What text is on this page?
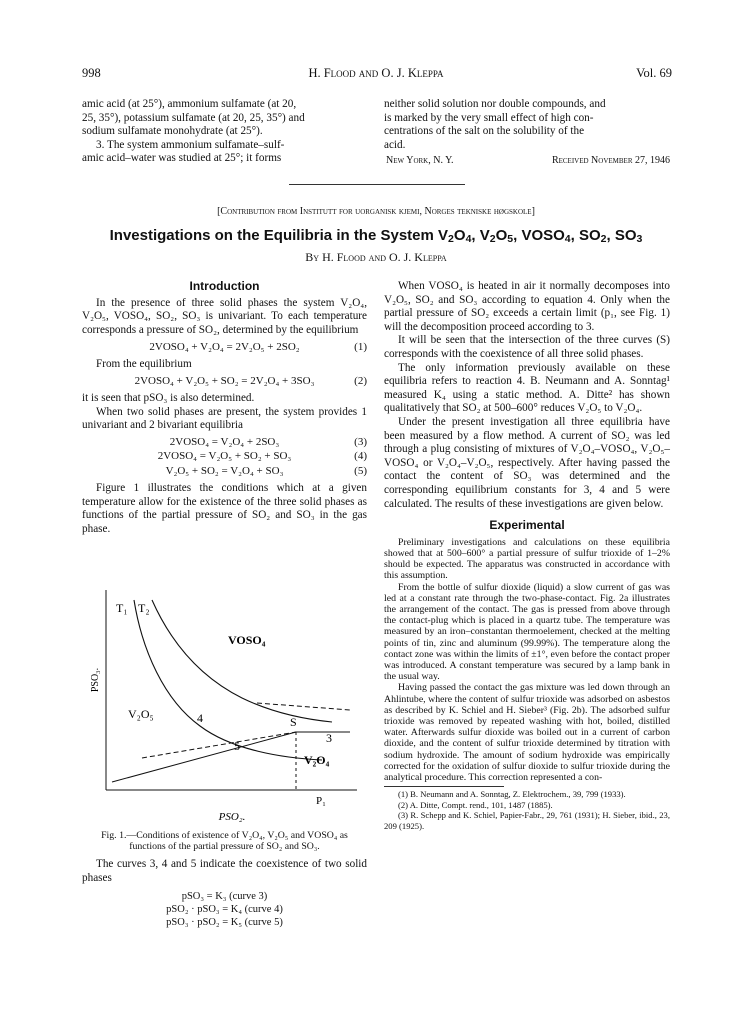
998	H. Flood and O. J. Kleppa	Vol. 69

amic acid (at 25°), ammonium sulfamate (at 20,

25, 35°), potassium sulfamate (at 20, 25, 35°) and

sodium sulfamate monohydrate (at 25°).

3. The system ammonium sulfamate–sulf-

amic acid–water was studied at 25°; it forms

neither solid solution nor double compounds, and

is marked by the very small effect of high con-

centrations of the salt on the solubility of the

acid.

New York, N. Y.	Received November 27, 1946
[Contribution from Institutt for uorganisk kjemi, Norges tekniske høgskole]
Investigations on the Equilibria in the System $V_2O_4$, $V_2O_5$, $VOSO_4$, $SO_2$, $SO_3$
By H. Flood and O. J. Kleppa
Introduction

In the presence of three solid phases the system V₂O₄, V₂O₅, VOSO₄, SO₂, SO₃ is univariant. To each temperature corresponds a pressure of SO₂, determined by the equilibrium

2VOSO₄ + V₂O₄ = 2V₂O₅ + 2SO₂	(1)

From the equilibrium

2VOSO₄ + V₂O₅ + SO₂ = 2V₂O₄ + 3SO₃	(2)

it is seen that pSO₃ is also determined.

When two solid phases are present, the system provides 1 univariant and 2 bivariant equilibria

2VOSO₄ = V₂O₄ + 2SO₃	(3)
2VOSO₄ = V₂O₅ + SO₂ + SO₃	(4)
V₂O₅ + SO₂ = V₂O₄ + SO₃	(5)

Figure 1 illustrates the conditions which at a given temperature allow for the existence of the three solid phases as functions of the partial pressure of SO₂ and SO₃ in the gas phase.

T₁ T₂
VOSO₄
V₂O₅	4
5
S
3
V₂O₄
P₁
PSO₃.
PSO₂.

Fig. 1.—Conditions of existence of V₂O₄, V₂O₅ and VOSO₄ as functions of the partial pressure of SO₂ and SO₃.

The curves 3, 4 and 5 indicate the coexistence of two solid phases

pSO₃ = K₃ (curve 3)
pSO₂ · pSO₃ = K₄ (curve 4)
pSO₃ · pSO₂ = K₅ (curve 5)

When VOSO₄ is heated in air it normally decomposes into V₂O₅, SO₂ and SO₃ according to equation 4. Only when the partial pressure of SO₂ exceeds a certain limit (p₁, see Fig. 1) will the decomposition proceed according to 3.

It will be seen that the intersection of the three curves (S) corresponds with the coexistence of all three solid phases.

The only information previously available on these equilibria refers to reaction 4. B. Neumann and A. Sonntag¹ measured K₄ using a static method. A. Ditte² has shown qualitatively that SO₂ at 500–600° reduces V₂O₅ to V₂O₄.

Under the present investigation all three equilibria have been measured by a flow method. A current of SO₂ was led through a plug consisting of mixtures of V₂O₄–VOSO₄, V₂O₅–VOSO₄ or V₂O₄–V₂O₅, respectively. After having passed the contact the content of SO₃ was determined and the corresponding equilibrium constants for 3, 4 and 5 were calculated. The results of these investigations are given below.

Experimental

Preliminary investigations and calculations on these equilibria showed that at 500–600° a partial pressure of sulfur trioxide of 1–2% should be expected. The apparatus was constructed in accordance with this assumption.

From the bottle of sulfur dioxide (liquid) a slow current of gas was led at a constant rate through the two-phase-contact. Fig. 2a illustrates the arrangement of the contact. The gas is pressed from above through the contact-plug which is placed in a quartz tube. The temperature was measured by an iron–constantan thermoelement, checked at the melting points of tin, zinc and aluminum (99.99%). The temperature along the contact zone was within the limits of ±1°, even before the contact proper was introduced. A constant temperature was secured by a lamp bank in the usual way.

Having passed the contact the gas mixture was led down through an Ahlintube, where the content of sulfur trioxide was adsorbed on asbestos as described by K. Schiel and H. Sieber³ (Fig. 2b). The adsorbed sulfur trioxide was removed by repeated washing with hot, boiled, distilled water. Afterwards sulfur dioxide was boiled out in a current of carbon dioxide, and the content of sulfur trioxide determined by titration with sodium hydroxide. The amount of sodium hydroxide was empirically corrected for the oxidation of sulfur dioxide to sulfur trioxide during the analytical procedure. This correction represented a con-

(1) B. Neumann and A. Sonntag, Z. Elektrochem., 39, 799 (1933).

(2) A. Ditte, Compt. rend., 101, 1487 (1885).

(3) R. Schepp and K. Schiel, Papier-Fabr., 29, 761 (1931); H. Sieber, ibid., 23, 209 (1925).
